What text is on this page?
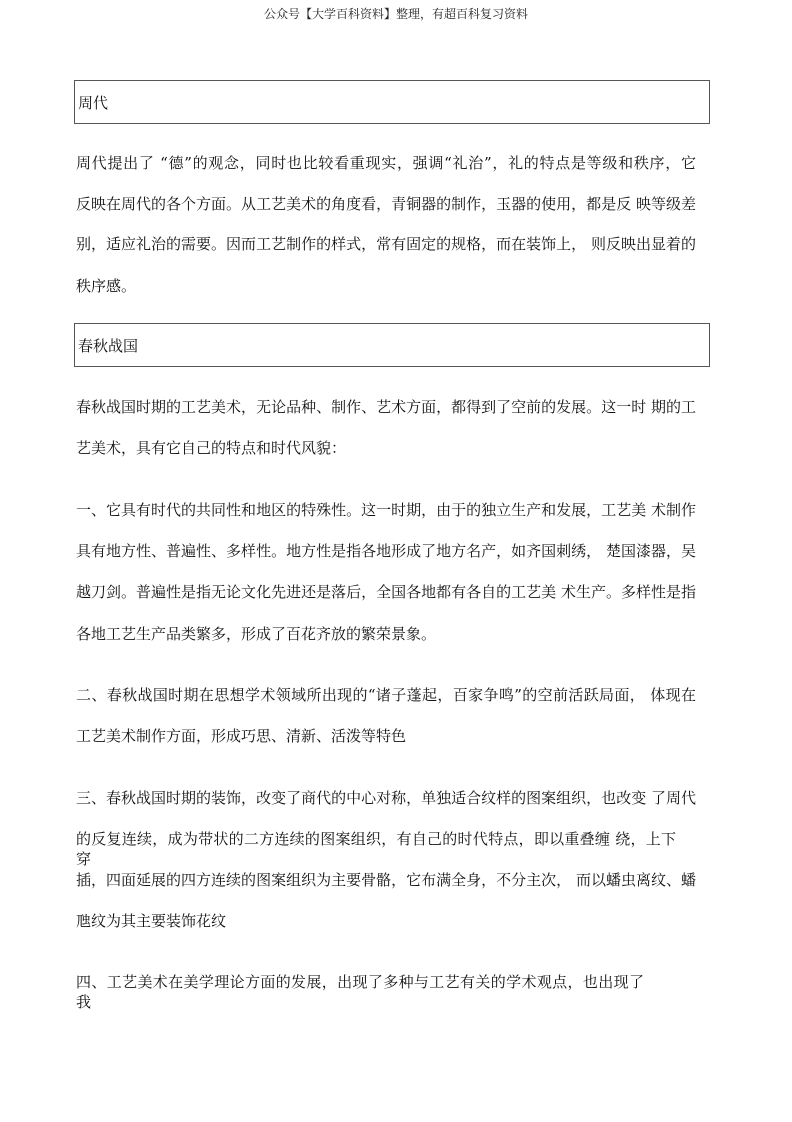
公众号【大学百科资料】整理，有超百科复习资料
周代
周代提出了 “德”的观念，同时也比较看重现实，强调“礼治”，礼的特点是等级和秩序，它
反映在周代的各个方面。从工艺美术的角度看，青铜器的制作，玉器的使用，都是反 映等级差
别，适应礼治的需要。因而工艺制作的样式，常有固定的规格，而在装饰上， 则反映出显着的
秩序感。
春秋战国
春秋战国时期的工艺美术，无论品种、制作、艺术方面，都得到了空前的发展。这一时 期的工
艺美术，具有它自己的特点和时代风貌：
一、它具有时代的共同性和地区的特殊性。这一时期，由于的独立生产和发展，工艺美 术制作
具有地方性、普遍性、多样性。地方性是指各地形成了地方名产，如齐国刺绣， 楚国漆器，吴
越刀剑。普遍性是指无论文化先进还是落后，全国各地都有各自的工艺美 术生产。多样性是指
各地工艺生产品类繁多，形成了百花齐放的繁荣景象。
二、春秋战国时期在思想学术领域所出现的“诸子蓬起，百家争鸣”的空前活跃局面， 体现在
工艺美术制作方面，形成巧思、清新、活泼等特色
三、春秋战国时期的装饰，改变了商代的中心对称，单独适合纹样的图案组织，也改变 了周代
的反复连续，成为带状的二方连续的图案组织，有自己的时代特点，即以重叠缠 绕，上下穿
插，四面延展的四方连续的图案组织为主要骨骼，它布满全身，不分主次， 而以蟠虫离纹、蟠
虺纹为其主要装饰花纹
四、工艺美术在美学理论方面的发展，出现了多种与工艺有关的学术观点，也出现了我
